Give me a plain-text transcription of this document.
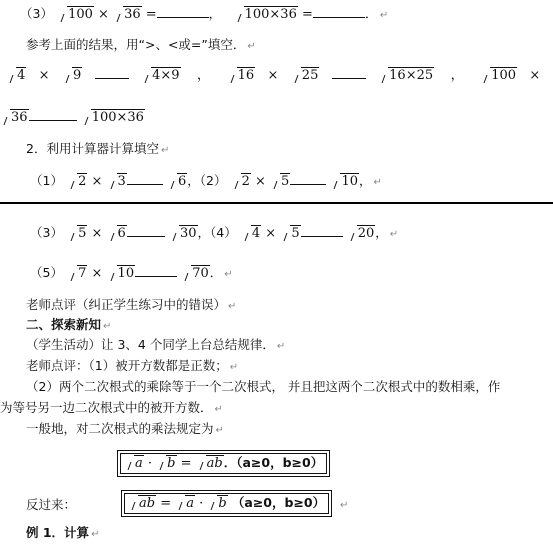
（3） 100 × 36 =	， 100×36 =	． ↵
参考上面的结果，用“>、<或=”填空． ↵
4   ×   9	4×9    ，    16   ×   25	16×25    ，    100   ×
36	100×36
2．利用计算器计算填空 ↵
（1） 2 × 3	6，（2） 2 × 5	10， ↵
（3） 5 × 6	30，（4） 4 × 5	20， ↵
（5） 7 × 10	70． ↵
老师点评（纠正学生练习中的错误） ↵
二、探索新知 ↵
（学生活动）让 3、4 个同学上台总结规律． ↵
老师点评：（1）被开方数都是正数； ↵
（2）两个二次根式的乘除等于一个二次根式， 并且把这两个二次根式中的数相乘，作
为等号另一边二次根式中的被开方数． ↵
一般地，对二次根式的乘法规定为 ↵
a · b = ab．（a≥0，b≥0）
反过来：	ab = a · b （a≥0，b≥0）	↵
例 1．计算 ↵
